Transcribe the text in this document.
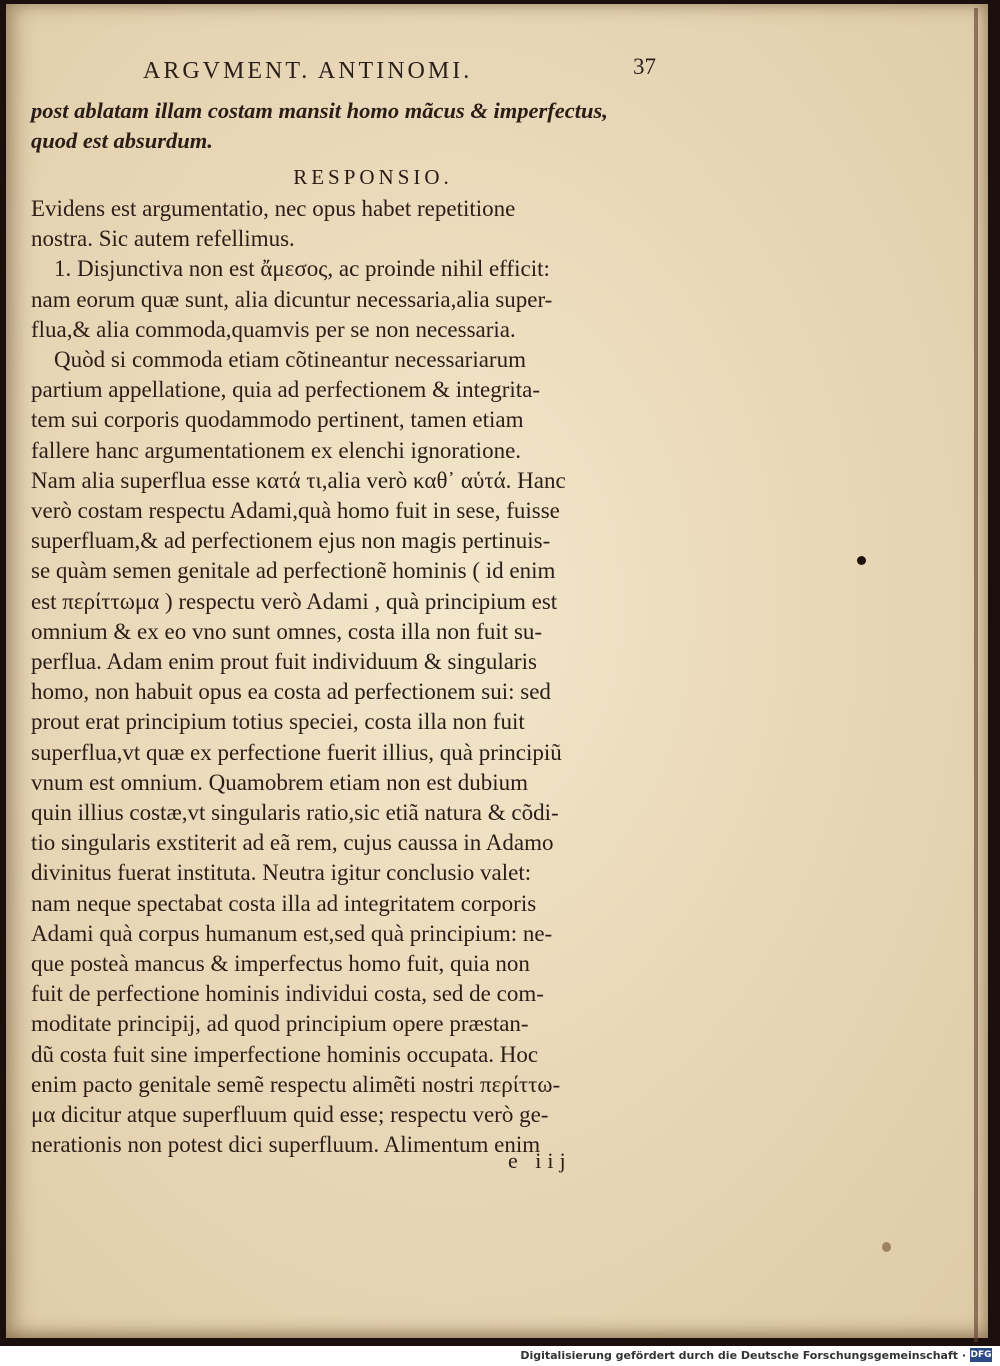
ARGVMENT. ANTINOMI.	37
post ablatam illam costam mansit homo mãcus & imperfectus,
quod est absurdum.
RESPONSIO.
Evidens est argumentatio, nec opus habet repetitione
nostra. Sic autem refellimus.
1. Disjunctiva non est ἄμεσος, ac proinde nihil efficit:
nam eorum quæ sunt, alia dicuntur necessaria,alia super-
flua,& alia commoda,quamvis per se non necessaria.
Quòd si commoda etiam cõtineantur necessariarum
partium appellatione, quia ad perfectionem & integrita-
tem sui corporis quodammodo pertinent, tamen etiam
fallere hanc argumentationem ex elenchi ignoratione.
Nam alia superflua esse κατά τι,alia verò καθ᾽ αὑτά. Hanc
verò costam respectu Adami,quà homo fuit in sese, fuisse
superfluam,& ad perfectionem ejus non magis pertinuis-
se quàm semen genitale ad perfectionẽ hominis ( id enim
est περίττωμα ) respectu verò Adami , quà principium est
omnium & ex eo vno sunt omnes, costa illa non fuit su-
perflua. Adam enim prout fuit individuum & singularis
homo, non habuit opus ea costa ad perfectionem sui: sed
prout erat principium totius speciei, costa illa non fuit
superflua,vt quæ ex perfectione fuerit illius, quà principiũ
vnum est omnium. Quamobrem etiam non est dubium
quin illius costæ,vt singularis ratio,sic etiã natura & cõdi-
tio singularis exstiterit ad eã rem, cujus caussa in Adamo
divinitus fuerat instituta. Neutra igitur conclusio valet:
nam neque spectabat costa illa ad integritatem corporis
Adami quà corpus humanum est,sed quà principium: ne-
que posteà mancus & imperfectus homo fuit, quia non
fuit de perfectione hominis individui costa, sed de com-
moditate principij, ad quod principium opere præstan-
dũ costa fuit sine imperfectione hominis occupata. Hoc
enim pacto genitale semẽ respectu alimẽti nostri περίττω-
μα dicitur atque superfluum quid esse; respectu verò ge-
nerationis non potest dici superfluum. Alimentum enim
e iij
Digitalisierung gefördert durch die Deutsche Forschungsgemeinschaft · DFG
